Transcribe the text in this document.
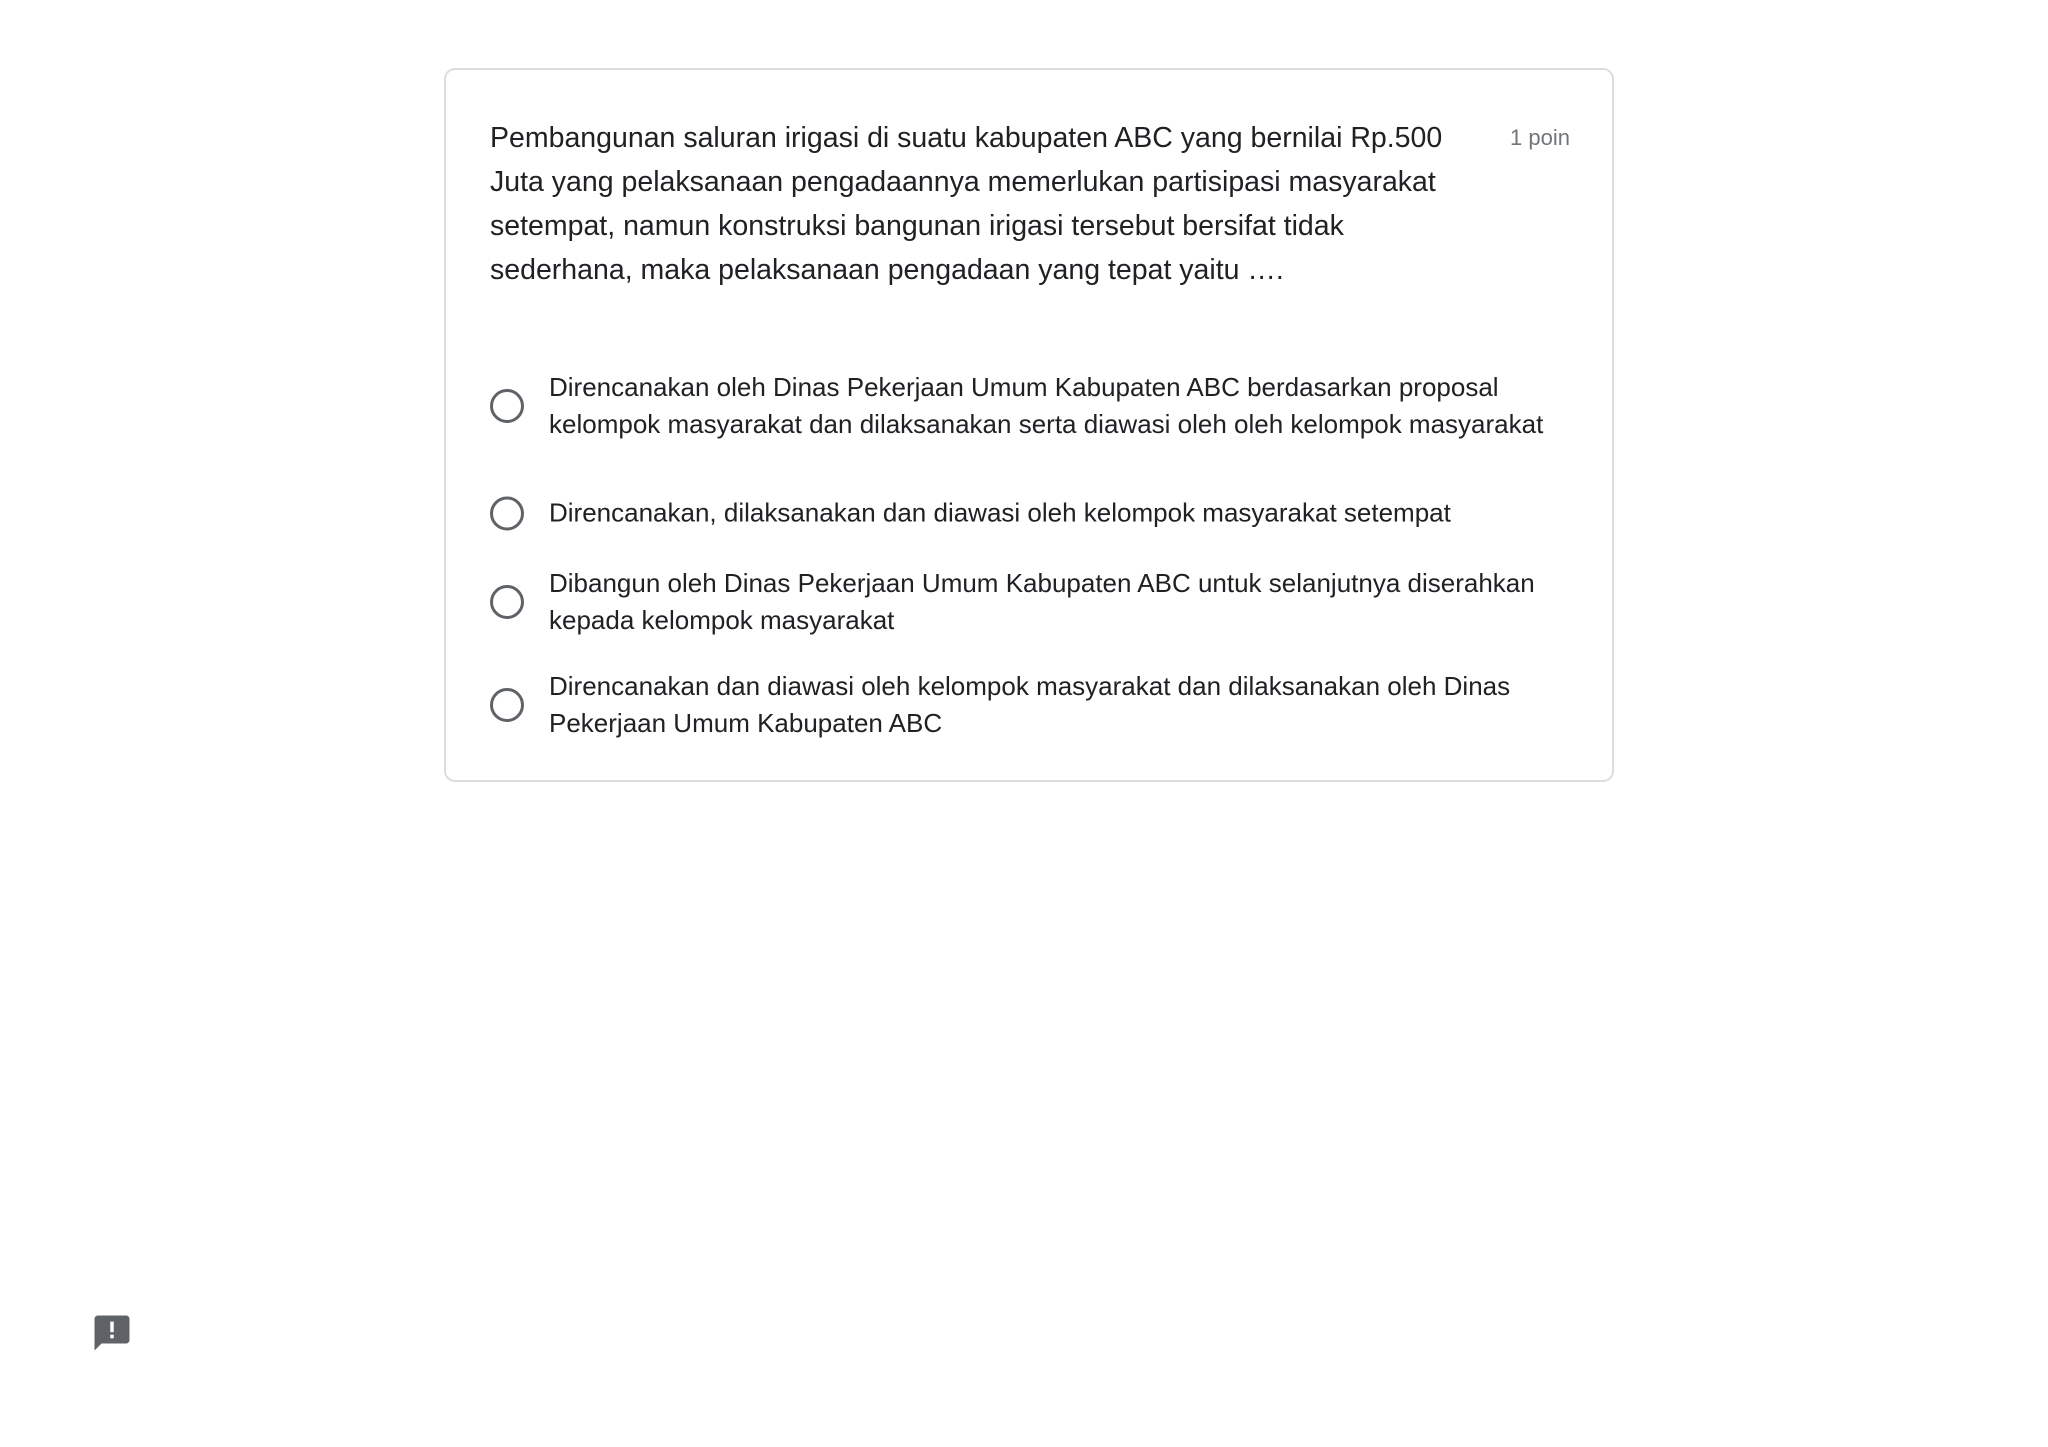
Pembangunan saluran irigasi di suatu kabupaten ABC yang bernilai Rp.500 Juta yang pelaksanaan pengadaannya memerlukan partisipasi masyarakat setempat, namun konstruksi bangunan irigasi tersebut bersifat tidak sederhana, maka pelaksanaan pengadaan yang tepat yaitu ….
1 poin
Direncanakan oleh Dinas Pekerjaan Umum Kabupaten ABC berdasarkan proposal kelompok masyarakat dan dilaksanakan serta diawasi oleh oleh kelompok masyarakat
Direncanakan, dilaksanakan dan diawasi oleh kelompok masyarakat setempat
Dibangun oleh Dinas Pekerjaan Umum Kabupaten ABC untuk selanjutnya diserahkan kepada kelompok masyarakat
Direncanakan dan diawasi oleh kelompok masyarakat dan dilaksanakan oleh Dinas Pekerjaan Umum Kabupaten ABC
